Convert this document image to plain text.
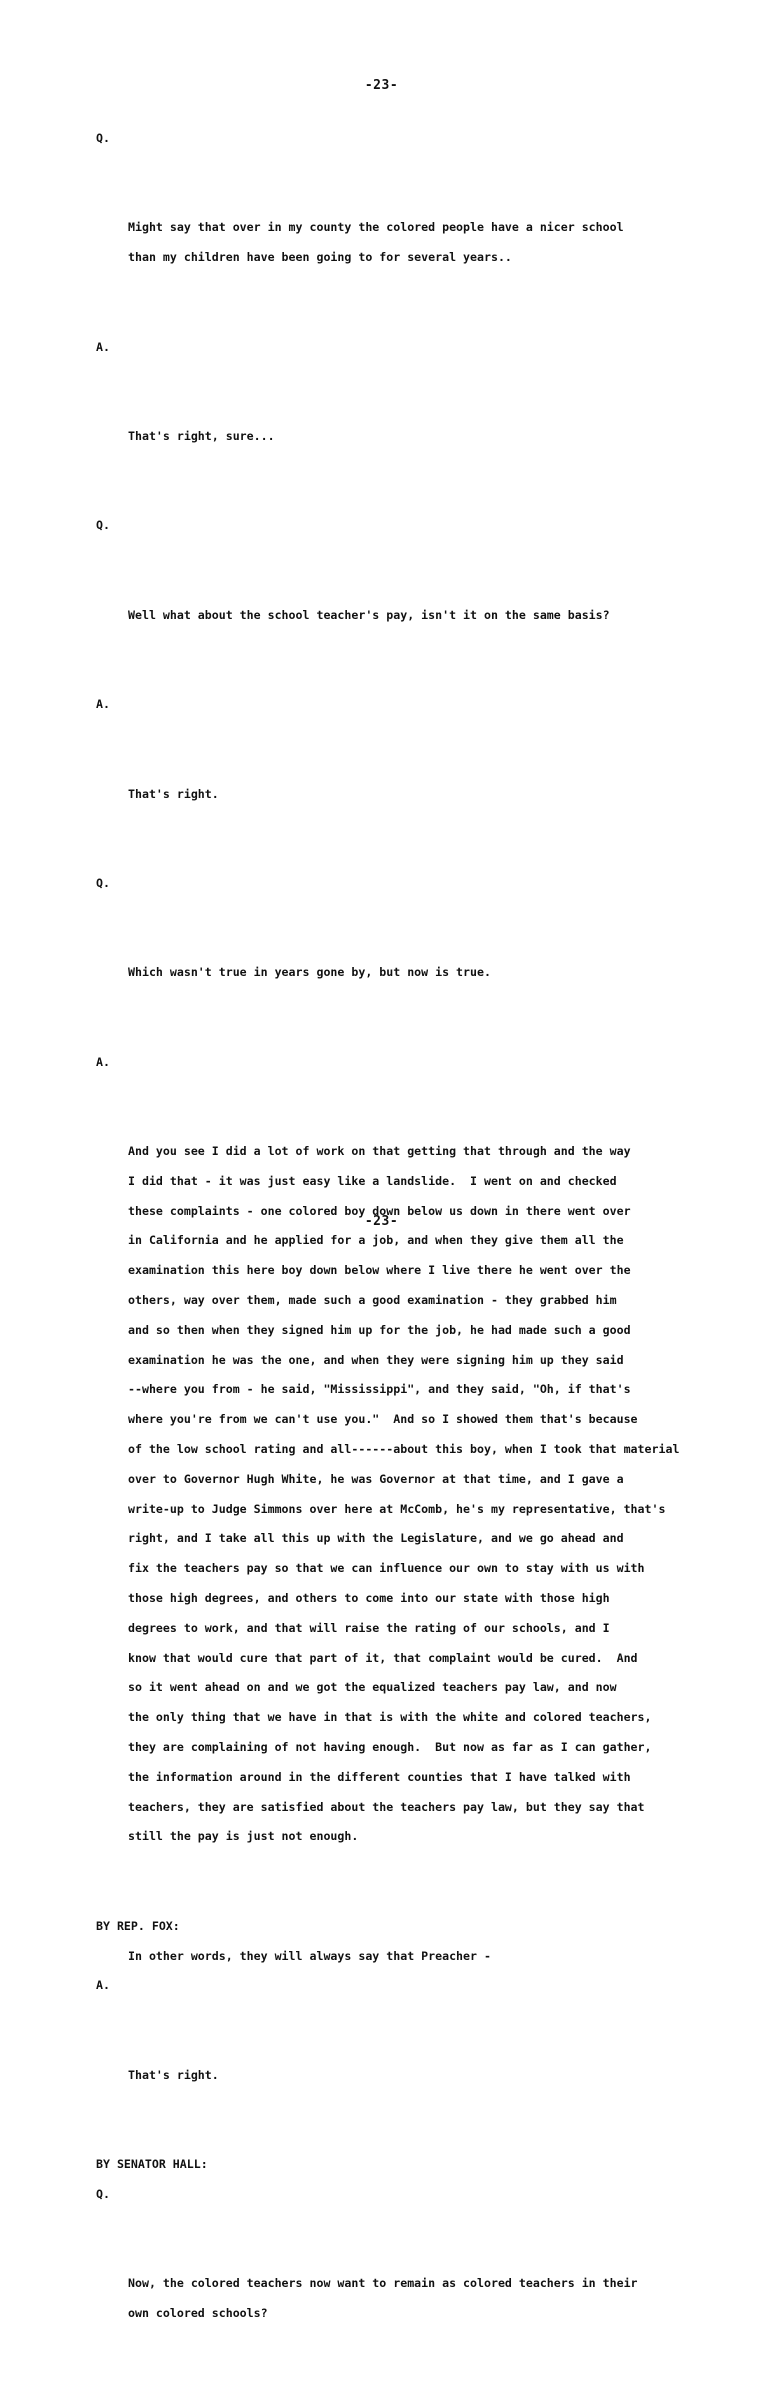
-23-

Q.

Might say that over in my county the colored people have a nicer school
than my children have been going to for several years..

A.

That's right, sure...

Q.

Well what about the school teacher's pay, isn't it on the same basis?

A.

That's right.

Q.

Which wasn't true in years gone by, but now is true.

A.

And you see I did a lot of work on that getting that through and the way
I did that - it was just easy like a landslide.  I went on and checked
these complaints - one colored boy down below us down in there went over
in California and he applied for a job, and when they give them all the
examination this here boy down below where I live there he went over the
others, way over them, made such a good examination - they grabbed him
and so then when they signed him up for the job, he had made such a good
examination he was the one, and when they were signing him up they said
--where you from - he said, "Mississippi", and they said, "Oh, if that's
where you're from we can't use you."  And so I showed them that's because
of the low school rating and all------about this boy, when I took that material
over to Governor Hugh White, he was Governor at that time, and I gave a
write-up to Judge Simmons over here at McComb, he's my representative, that's
right, and I take all this up with the Legislature, and we go ahead and
fix the teachers pay so that we can influence our own to stay with us with
those high degrees, and others to come into our state with those high
degrees to work, and that will raise the rating of our schools, and I
know that would cure that part of it, that complaint would be cured.  And
so it went ahead on and we got the equalized teachers pay law, and now
the only thing that we have in that is with the white and colored teachers,
they are complaining of not having enough.  But now as far as I can gather,
the information around in the different counties that I have talked with
teachers, they are satisfied about the teachers pay law, but they say that
still the pay is just not enough.

BY REP. FOX:
In other words, they will always say that Preacher -

A.

That's right.

BY SENATOR HALL:

Q.

Now, the colored teachers now want to remain as colored teachers in their
own colored schools?

-23-
